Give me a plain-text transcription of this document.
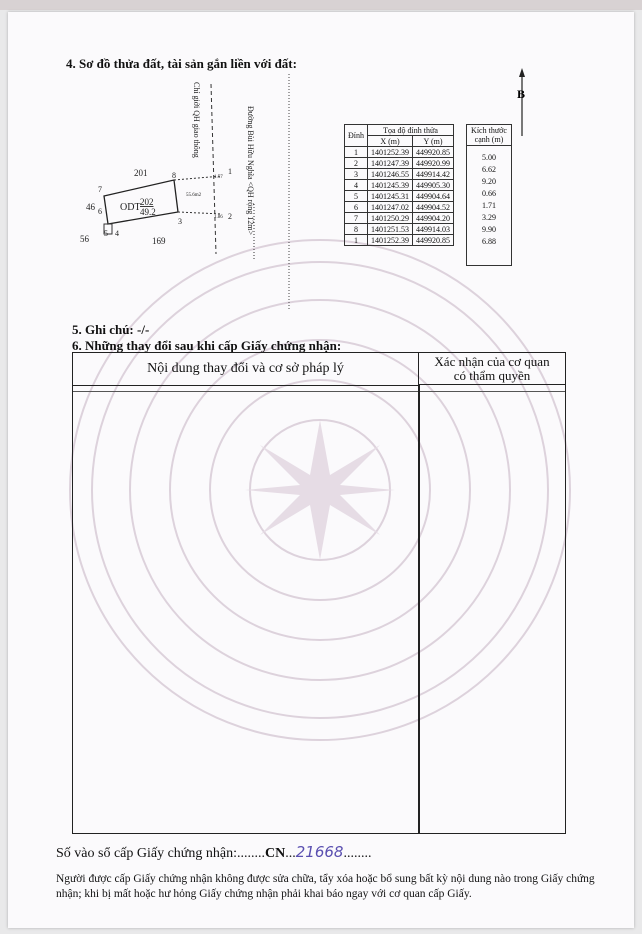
4. Sơ đồ thửa đất, tài sản gắn liền với đất:
Chỉ giới QH giao thông	Đường Bùi Hữu Nghĩa <QH rộng 12m>
201
46
56	169
ODT 202
49.2
1
2
3
4
5
6
7
8	1.57
1.86
55.6m2
Đỉnh	Tọa độ đỉnh thửa	
	X (m)	Y (m)
1	1401252.39	449920.85
2	1401247.39	449920.99
3	1401246.55	449914.42
4	1401245.39	449905.30
5	1401245.31	449904.64
6	1401247.02	449904.52
7	1401250.29	449904.20
8	1401251.53	449914.03
1	1401252.39	449920.85
Kích thước cạnh (m)
5.00
6.62
9.20
0.66
1.71
3.29
9.90
6.88
B
5. Ghi chú: -/-
6. Những thay đổi sau khi cấp Giấy chứng nhận:
Nội dung thay đổi và cơ sở pháp lý	Xác nhận của cơ quan
có thẩm quyền
Số vào sổ cấp Giấy chứng nhận:........CN...21668........
Người được cấp Giấy chứng nhận không được sửa chữa, tẩy xóa hoặc bổ sung bất kỳ nội dung nào trong Giấy chứng nhận; khi bị mất hoặc hư hỏng Giấy chứng nhận phải khai báo ngay với cơ quan cấp Giấy.
